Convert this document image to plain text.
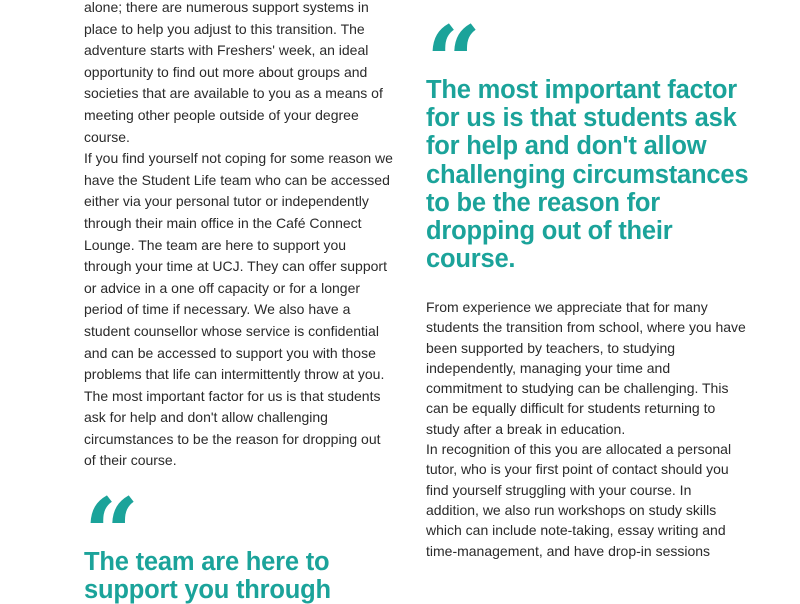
alone; there are numerous support systems in place to help you adjust to this transition. The adventure starts with Freshers' week, an ideal opportunity to find out more about groups and societies that are available to you as a means of meeting other people outside of your degree course.

If you find yourself not coping for some reason we have the Student Life team who can be accessed either via your personal tutor or independently through their main office in the Café Connect Lounge. The team are here to support you through your time at UCJ. They can offer support or advice in a one off capacity or for a longer period of time if necessary. We also have a student counsellor whose service is confidential and can be accessed to support you with those problems that life can intermittently throw at you. The most important factor for us is that students ask for help and don't allow challenging circumstances to be the reason for dropping out of their course.

“

The team are here to support you through

“

The most important factor for us is that students ask for help and don't allow challenging circumstances to be the reason for dropping out of their course.

From experience we appreciate that for many students the transition from school, where you have been supported by teachers, to studying independently, managing your time and commitment to studying can be challenging. This can be equally difficult for students returning to study after a break in education.

In recognition of this you are allocated a personal tutor, who is your first point of contact should you find yourself struggling with your course. In addition, we also run workshops on study skills which can include note-taking, essay writing and time-management, and have drop-in sessions
